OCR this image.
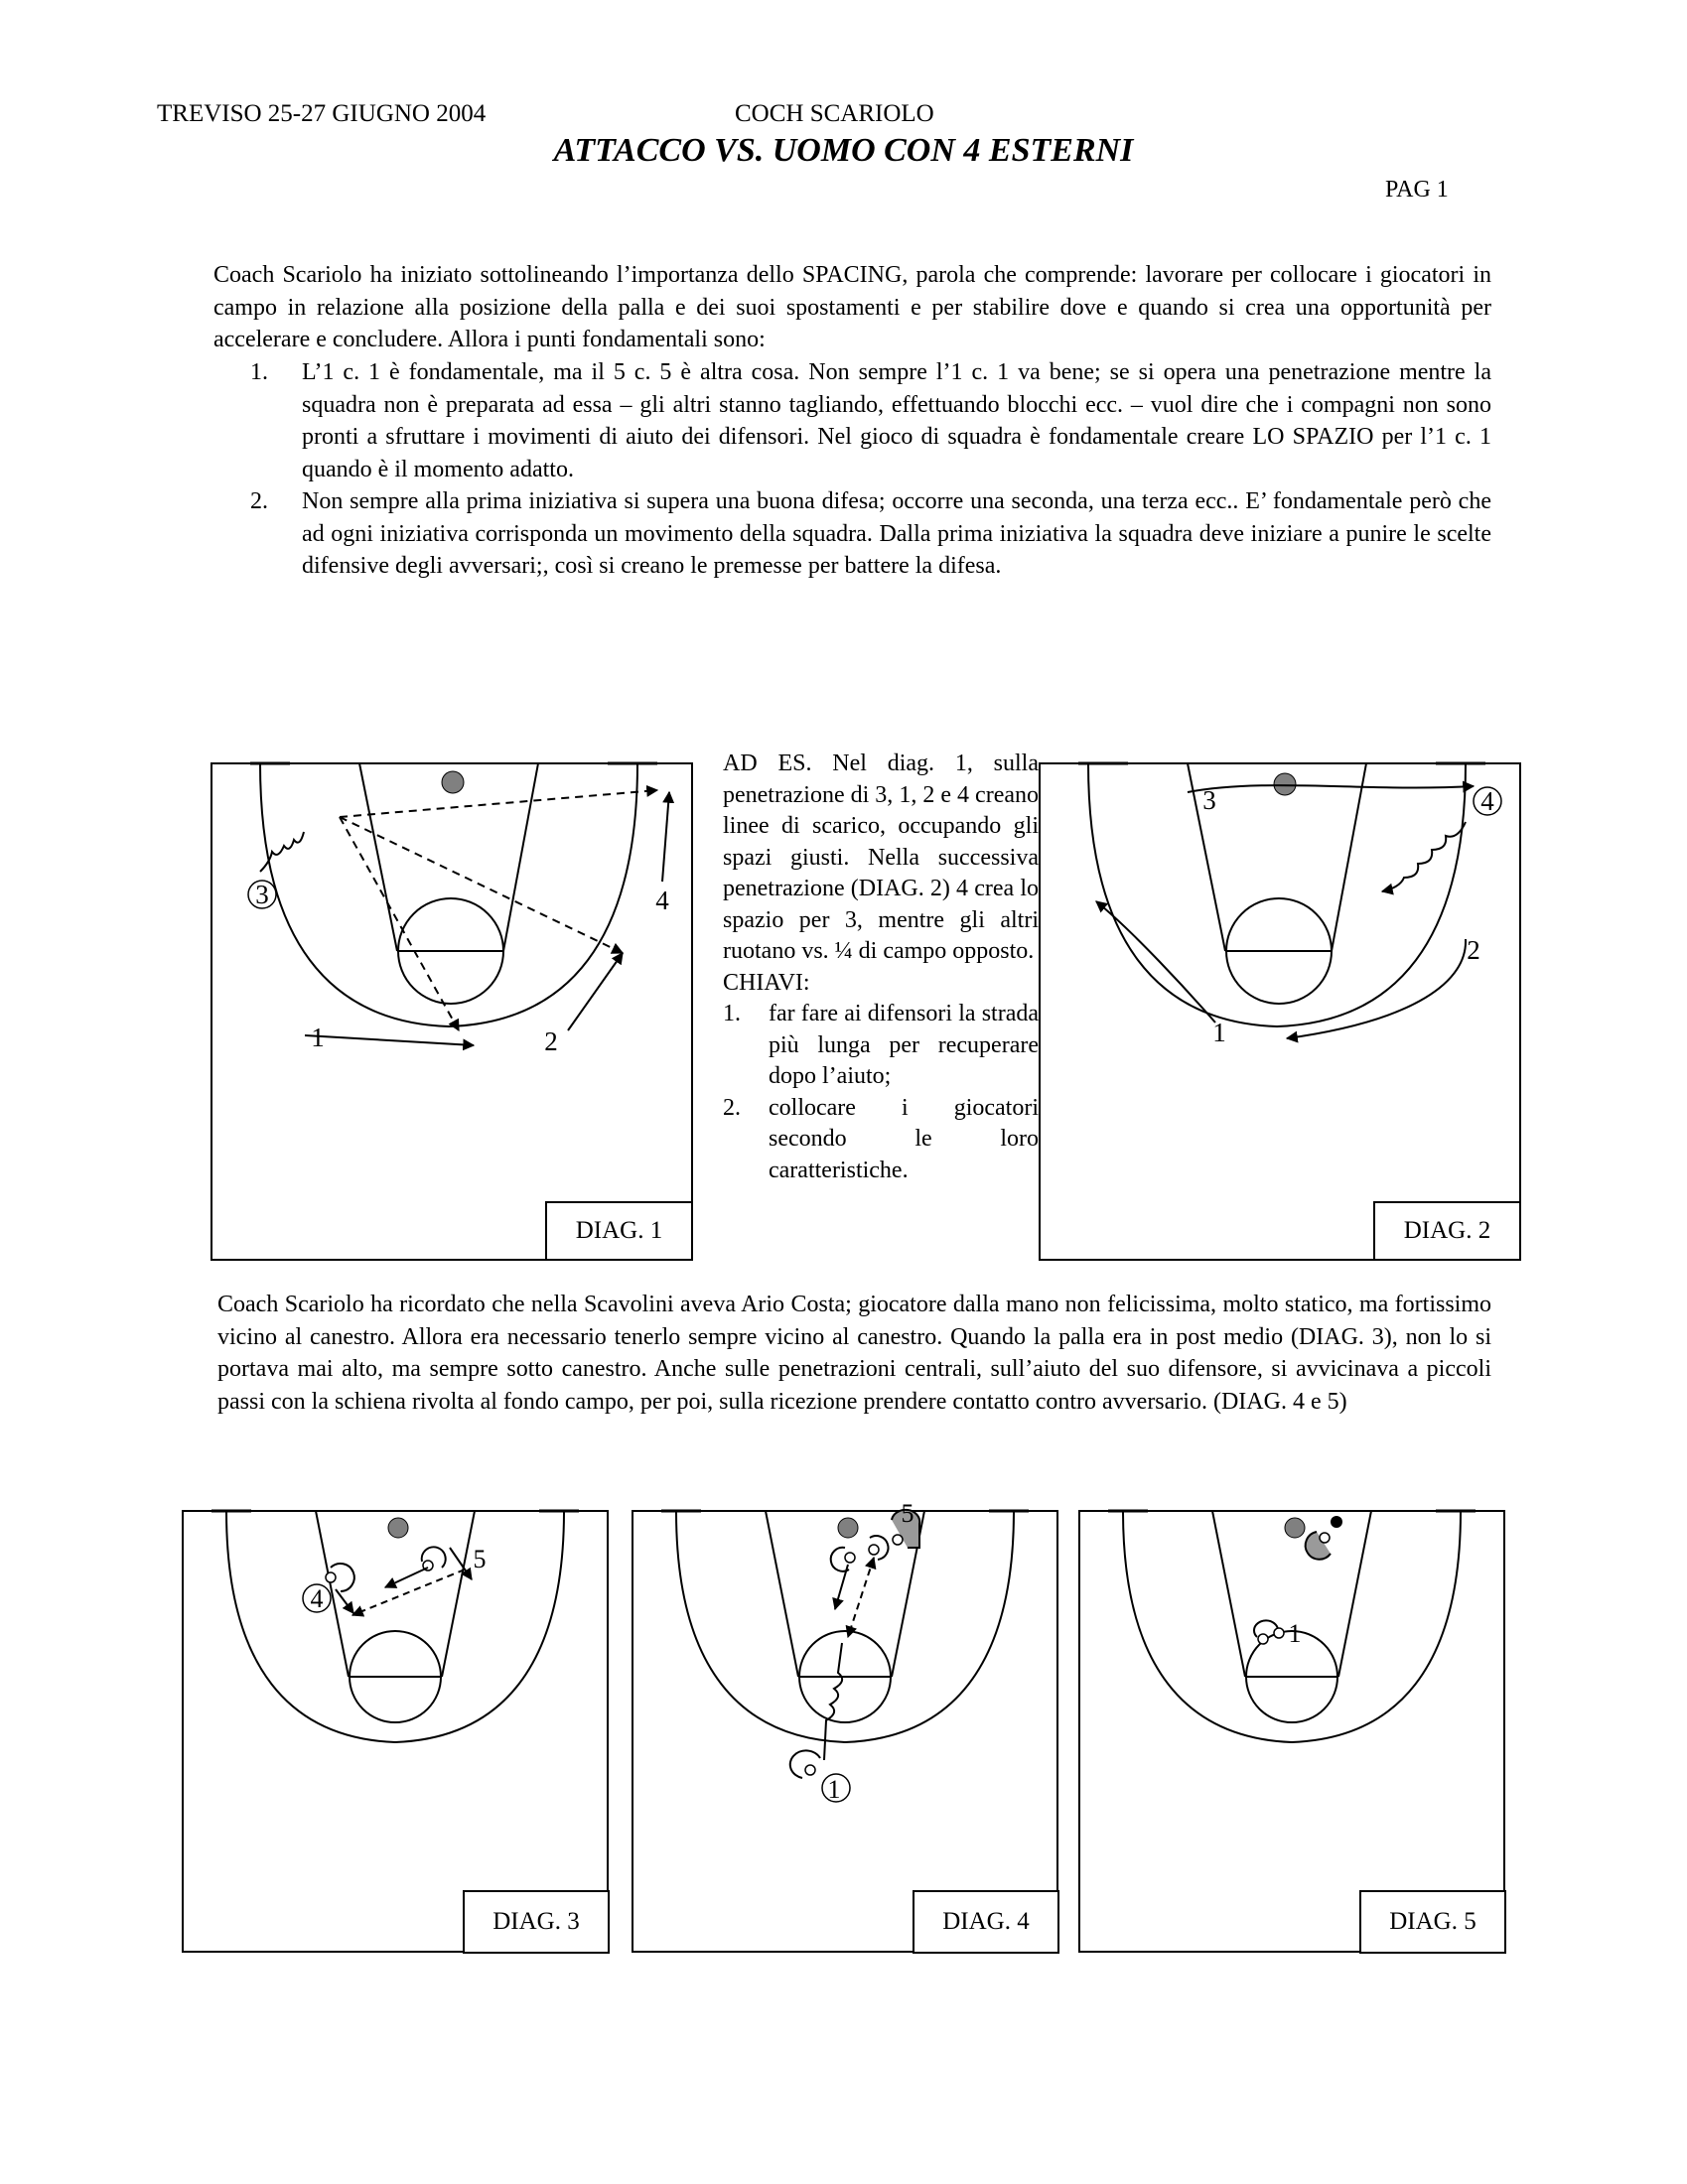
TREVISO 25-27 GIUGNO 2004	COCH SCARIOLO
ATTACCO VS. UOMO CON 4 ESTERNI
PAG 1
Coach Scariolo ha iniziato sottolineando l’importanza dello SPACING, parola che comprende: lavorare per collocare i giocatori in campo in relazione alla posizione della palla e dei suoi spostamenti e per stabilire dove e quando si crea una opportunità per accelerare e concludere. Allora i punti fondamentali sono:
1. L’1 c. 1 è fondamentale, ma il 5 c. 5 è altra cosa. Non sempre l’1 c. 1 va bene; se si opera una penetrazione mentre la squadra non è preparata ad essa – gli altri stanno tagliando, effettuando blocchi ecc. – vuol dire che i compagni non sono pronti a sfruttare i movimenti di aiuto dei difensori. Nel gioco di squadra è fondamentale creare LO SPAZIO per l’1 c. 1 quando è il momento adatto.
2. Non sempre alla prima iniziativa si supera una buona difesa; occorre una seconda, una terza ecc.. E’ fondamentale però che ad ogni iniziativa corrisponda un movimento della squadra. Dalla prima iniziativa la squadra deve iniziare a punire le scelte difensive degli avversari;, così si creano le premesse per battere la difesa.
AD ES. Nel diag. 1, sulla penetrazione di 3, 1, 2 e 4 creano linee di scarico, occupando gli spazi giusti. Nella successiva penetrazione (DIAG. 2) 4 crea lo spazio per 3, mentre gli altri ruotano vs. ¼ di campo opposto.
CHIAVI:
1. far fare ai difensori la strada più lunga per recuperare dopo l’aiuto;
2. collocare i giocatori secondo le loro caratteristiche.
3	4
1	2
DIAG. 1
3	4
2
1
DIAG. 2
Coach Scariolo ha ricordato che nella Scavolini aveva Ario Costa; giocatore dalla mano non felicissima, molto statico, ma fortissimo vicino al canestro. Allora era necessario tenerlo sempre vicino al canestro. Quando la palla era in post medio (DIAG. 3), non lo si portava mai alto, ma sempre sotto canestro. Anche sulle penetrazioni centrali, sull’aiuto del suo difensore, si avvicinava a piccoli passi con la schiena rivolta al fondo campo, per poi, sulla ricezione prendere contatto contro avversario. (DIAG. 4 e 5)
4
5
DIAG. 3
1
5
DIAG. 4
1
DIAG. 5
